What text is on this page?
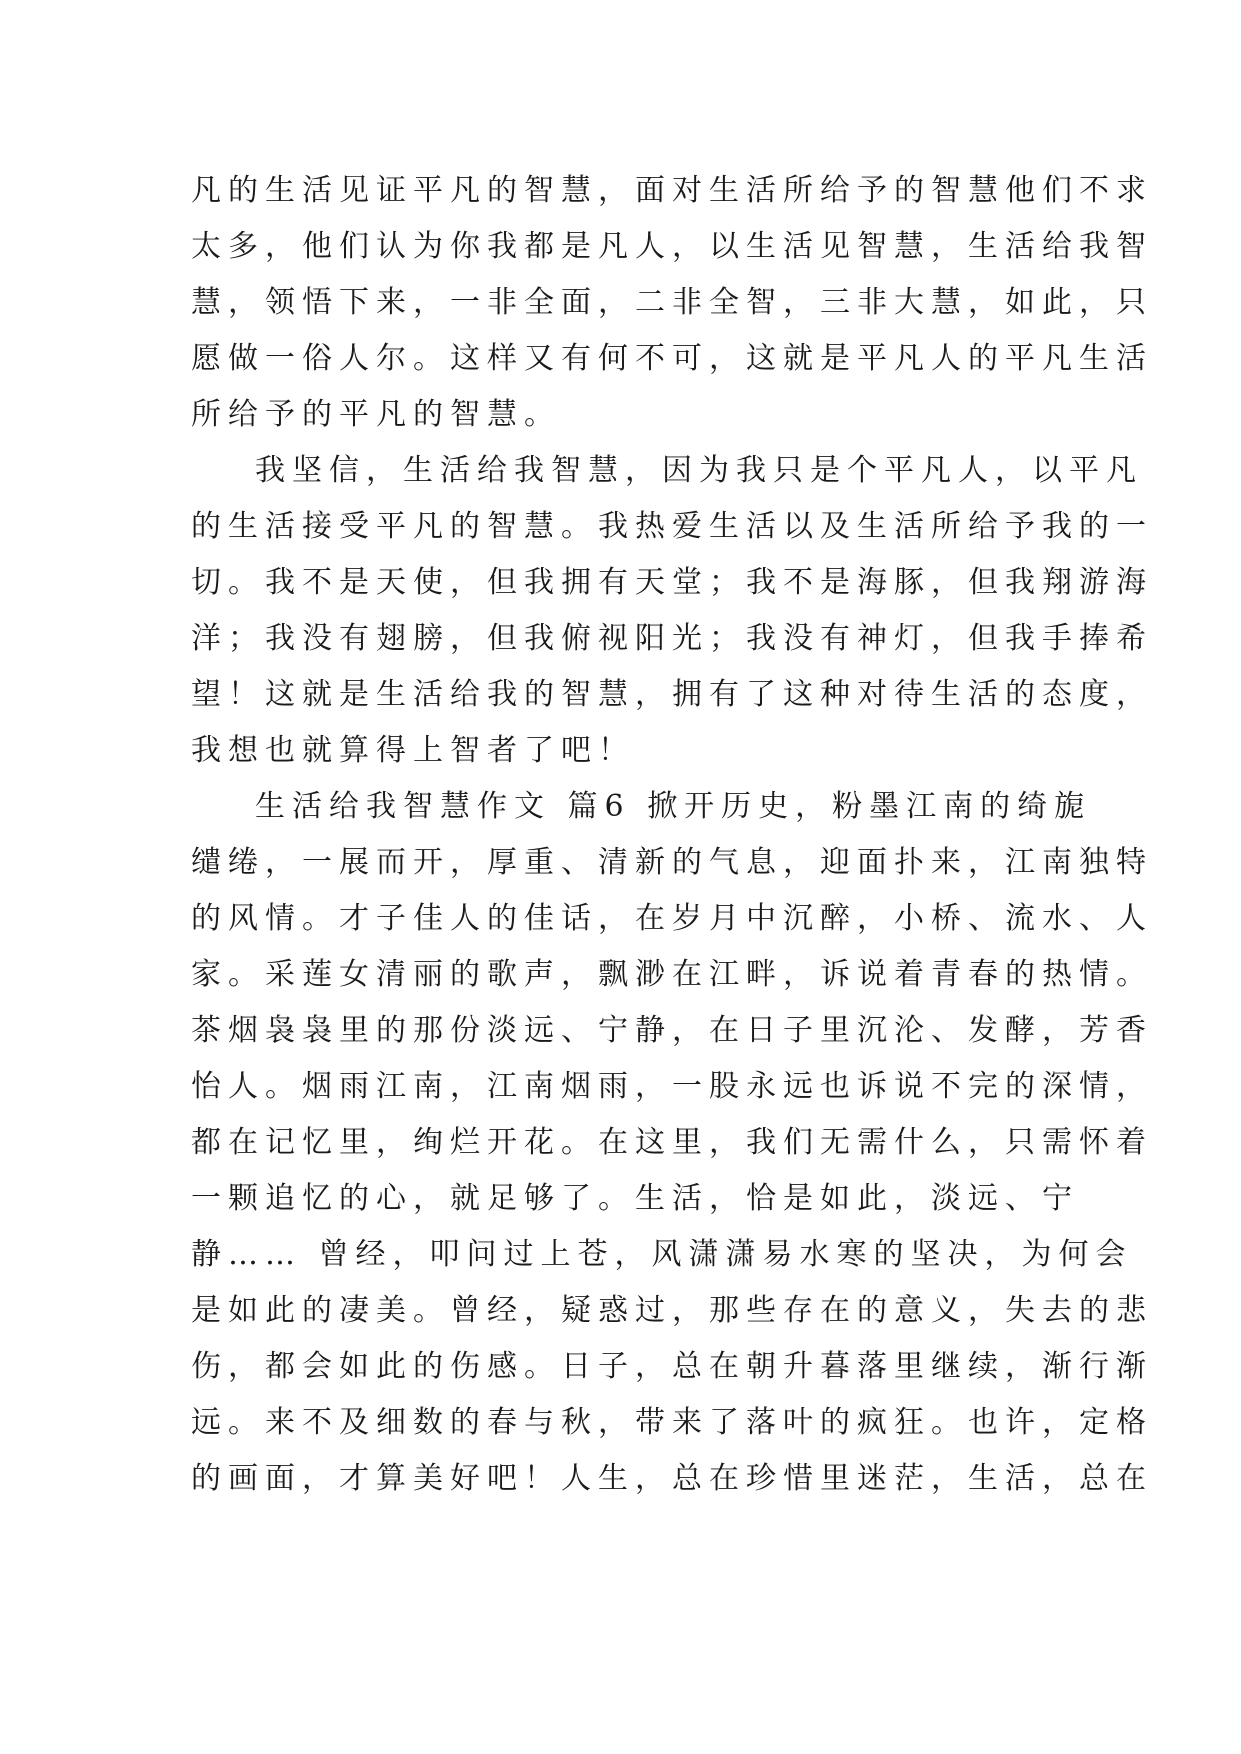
凡的生活见证平凡的智慧，面对生活所给予的智慧他们不求
太多，他们认为你我都是凡人，以生活见智慧，生活给我智
慧，领悟下来，一非全面，二非全智，三非大慧，如此，只
愿做一俗人尔。这样又有何不可，这就是平凡人的平凡生活
所给予的平凡的智慧。
我坚信，生活给我智慧，因为我只是个平凡人，以平凡
的生活接受平凡的智慧。我热爱生活以及生活所给予我的一
切。我不是天使，但我拥有天堂；我不是海豚，但我翔游海
洋；我没有翅膀，但我俯视阳光；我没有神灯，但我手捧希
望！这就是生活给我的智慧，拥有了这种对待生活的态度，
我想也就算得上智者了吧！
生活给我智慧作文 篇6 掀开历史，粉墨江南的绮旎
缱绻，一展而开，厚重、清新的气息，迎面扑来，江南独特
的风情。才子佳人的佳话，在岁月中沉醉，小桥、流水、人
家。采莲女清丽的歌声，飘渺在江畔，诉说着青春的热情。
茶烟袅袅里的那份淡远、宁静，在日子里沉沦、发酵，芳香
怡人。烟雨江南，江南烟雨，一股永远也诉说不完的深情，
都在记忆里，绚烂开花。在这里，我们无需什么，只需怀着
一颗追忆的心，就足够了。生活，恰是如此，淡远、宁
静…… 曾经，叩问过上苍，风潇潇易水寒的坚决，为何会
是如此的凄美。曾经，疑惑过，那些存在的意义，失去的悲
伤，都会如此的伤感。日子，总在朝升暮落里继续，渐行渐
远。来不及细数的春与秋，带来了落叶的疯狂。也许，定格
的画面，才算美好吧！人生，总在珍惜里迷茫，生活，总在
